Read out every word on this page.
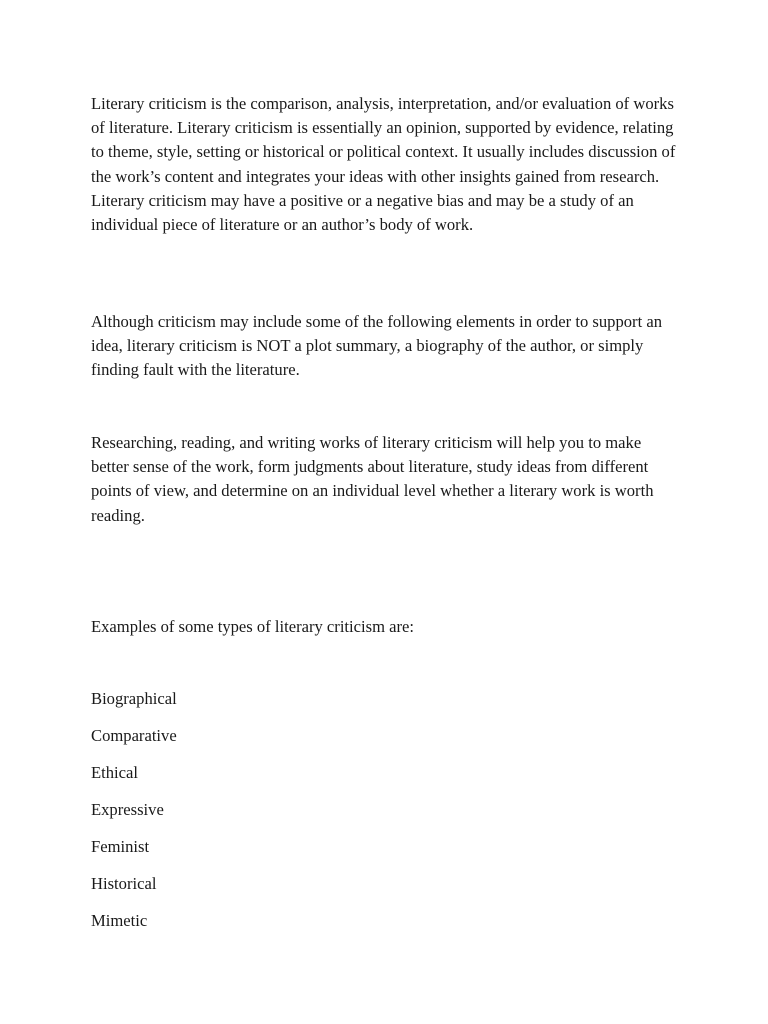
Literary criticism is the comparison, analysis, interpretation, and/or evaluation of works of literature. Literary criticism is essentially an opinion, supported by evidence, relating to theme, style, setting or historical or political context. It usually includes discussion of the work’s content and integrates your ideas with other insights gained from research. Literary criticism may have a positive or a negative bias and may be a study of an individual piece of literature or an author’s body of work.

Although criticism may include some of the following elements in order to support an idea, literary criticism is NOT a plot summary, a biography of the author, or simply finding fault with the literature.

Researching, reading, and writing works of literary criticism will help you to make better sense of the work, form judgments about literature, study ideas from different points of view, and determine on an individual level whether a literary work is worth reading.

Examples of some types of literary criticism are:

Biographical
Comparative
Ethical
Expressive
Feminist
Historical
Mimetic
